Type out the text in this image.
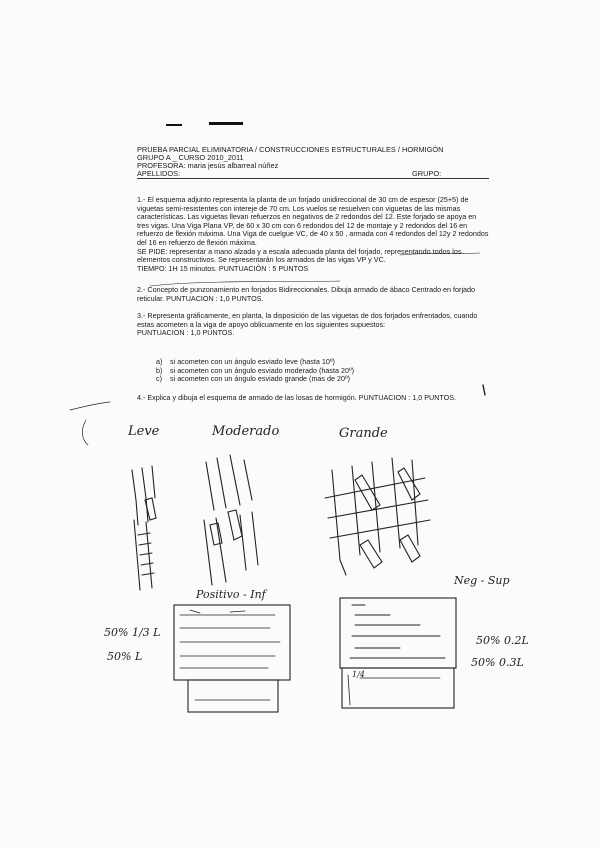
PRUEBA PARCIAL ELIMINATORIA / CONSTRUCCIONES ESTRUCTURALES / HORMIGÓN
GRUPO A _ CURSO 2010_2011
PROFESORA: maria jesús albarreal núñez
APELLIDOS:	GRUPO:

1.- El esquema adjunto representa la planta de un forjado unidireccional de 30 cm de espesor (25+5) de viguetas semi-resistentes con intereje de 70 cm. Los vuelos se resuelven con viguetas de las mismas características. Las viguetas llevan refuerzos en negativos de 2 redondos del 12. Este forjado se apoya en tres vigas. Una Viga Plana VP, de 60 x 30 cm con 6 redondos del 12 de montaje y 2 redondos del 16 en refuerzo de flexión máxima. Una Viga de cuelgue VC, de 40 x 50 , armada con 4 redondos del 12y 2 redondos del 16 en refuerzo de flexión máxima.

SE PIDE: representar a mano alzada y a escala adecuada planta del forjado, representando todos los elementos constructivos. Se representarán los armados de las vigas VP y VC.

TIEMPO: 1H 15 minutos. PUNTUACIÓN : 5 PUNTOS

2.- Concepto de punzonamiento en forjados Bidireccionales. Dibuja armado de ábaco Centrado en forjado reticular. PUNTUACION : 1,0 PUNTOS.

3.- Representa gráficamente, en planta, la disposición de las viguetas de dos forjados enfrentados, cuando estas acometen a la viga de apoyo oblicuamente en los siguientes supuestos:

PUNTUACION : 1,0 PUNTOS.

a)	si acometen con un ángulo esviado leve (hasta 10º)
b)	si acometen con un ángulo esviado moderado (hasta 20º)
c)	si acometen con un ángulo esviado grande (mas de 20º)
4.- Explica y dibuja el esquema de armado de las losas de hormigón. PUNTUACION : 1,0 PUNTOS.
Leve	Moderado	Grande
Positivo - Inf
Neg - Sup
50% 1/3 L
50% L
50% 0.2L
50% 0.3L
1/4
